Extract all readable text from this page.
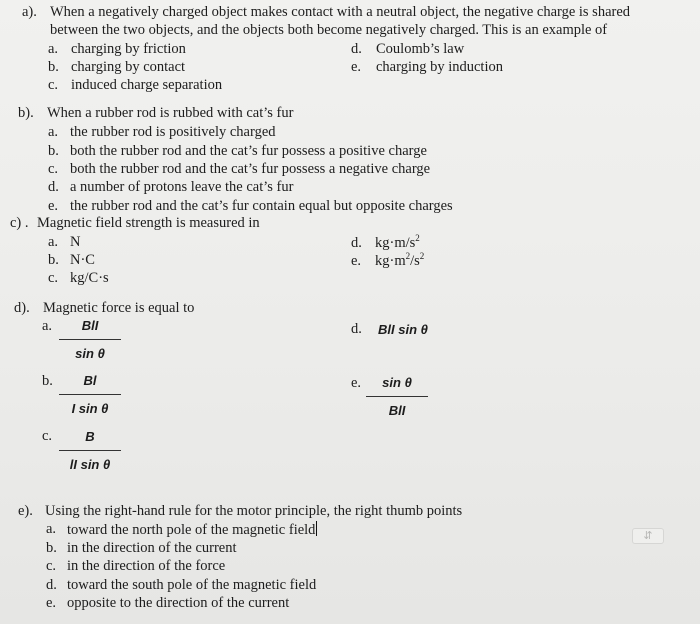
a). When a negatively charged object makes contact with a neutral object, the negative charge is shared
between the two objects, and the objects both become negatively charged. This is an example of
a. charging by friction
b. charging by contact
c. induced charge separation
d. Coulomb’s law
e. charging by induction
b). When a rubber rod is rubbed with cat’s fur
a. the rubber rod is positively charged
b. both the rubber rod and the cat’s fur possess a positive charge
c. both the rubber rod and the cat’s fur possess a negative charge
d. a number of protons leave the cat’s fur
e. the rubber rod and the cat’s fur contain equal but opposite charges
c) . Magnetic field strength is measured in
a. N
b. N·C
c. kg/C·s
d. $kg\cdot m/s^2$
e. $kg\cdot m^2/s^2$
d). Magnetic force is equal to
a.	BlI
sin θ
d. BlI sin θ
b.	Bl
I sin θ
e.	sin θ
BlI
c.	B
lI sin θ
e). Using the right-hand rule for the motor principle, the right thumb points
a. toward the north pole of the magnetic field
b. in the direction of the current
c. in the direction of the force
d. toward the south pole of the magnetic field
e. opposite to the direction of the current
⇵
